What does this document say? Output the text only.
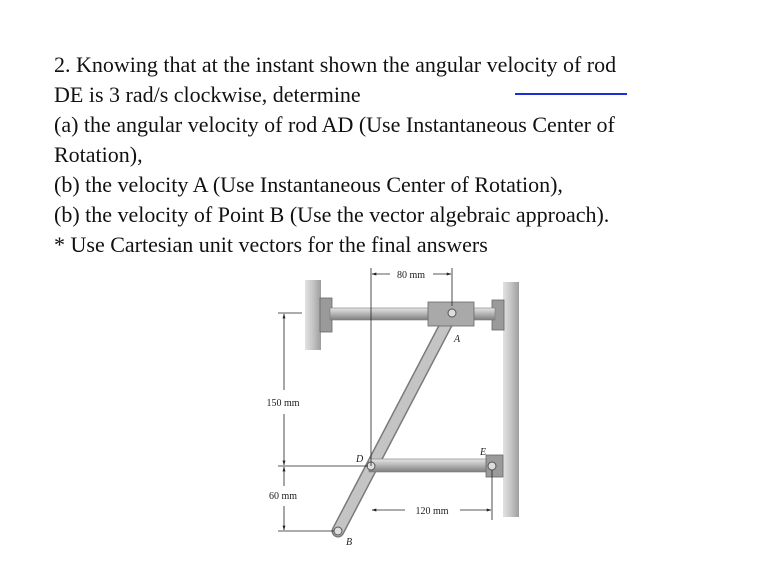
2. Knowing that at the instant shown the angular velocity of rod

DE is 3 rad/s clockwise, determine

(a) the angular velocity of rod AD (Use Instantaneous Center of

Rotation),

(b) the velocity A (Use Instantaneous Center of Rotation),

(b) the velocity of Point B (Use the vector algebraic approach).

* Use Cartesian unit vectors for the final answers

80 mm
150 mm
60 mm
120 mm
A
D
E
B
